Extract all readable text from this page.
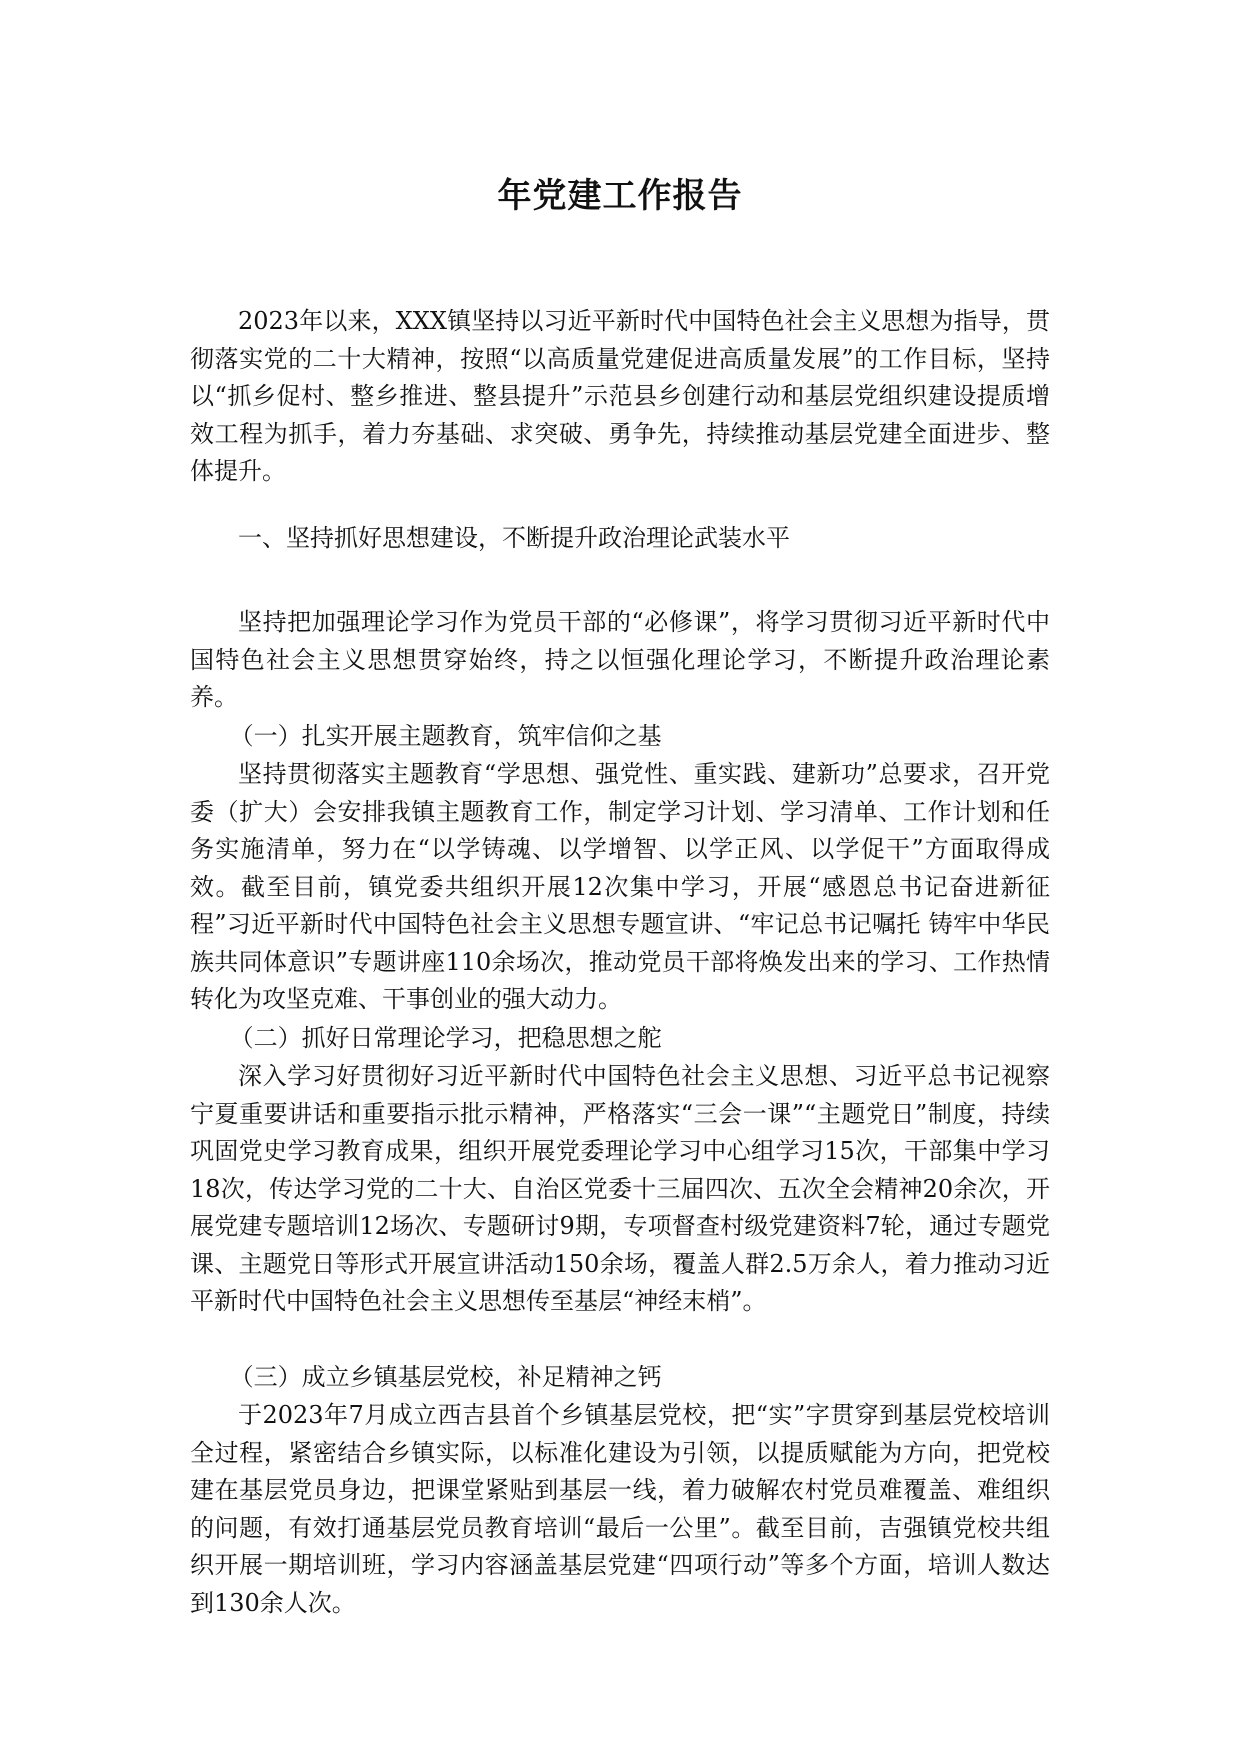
年党建工作报告

2023年以来，XXX镇坚持以习近平新时代中国特色社会主义思想为指导，贯彻落实党的二十大精神，按照“以高质量党建促进高质量发展”的工作目标，坚持以“抓乡促村、整乡推进、整县提升”示范县乡创建行动和基层党组织建设提质增效工程为抓手，着力夯基础、求突破、勇争先，持续推动基层党建全面进步、整体提升。

一、坚持抓好思想建设，不断提升政治理论武装水平

坚持把加强理论学习作为党员干部的“必修课”，将学习贯彻习近平新时代中国特色社会主义思想贯穿始终，持之以恒强化理论学习，不断提升政治理论素养。

（一）扎实开展主题教育，筑牢信仰之基

坚持贯彻落实主题教育“学思想、强党性、重实践、建新功”总要求，召开党委（扩大）会安排我镇主题教育工作，制定学习计划、学习清单、工作计划和任务实施清单，努力在“以学铸魂、以学增智、以学正风、以学促干”方面取得成效。截至目前，镇党委共组织开展12次集中学习，开展“感恩总书记奋进新征程”习近平新时代中国特色社会主义思想专题宣讲、“牢记总书记嘱托 铸牢中华民族共同体意识”专题讲座110余场次，推动党员干部将焕发出来的学习、工作热情转化为攻坚克难、干事创业的强大动力。

（二）抓好日常理论学习，把稳思想之舵

深入学习好贯彻好习近平新时代中国特色社会主义思想、习近平总书记视察宁夏重要讲话和重要指示批示精神，严格落实“三会一课”“主题党日”制度，持续巩固党史学习教育成果，组织开展党委理论学习中心组学习15次，干部集中学习18次，传达学习党的二十大、自治区党委十三届四次、五次全会精神20余次，开展党建专题培训12场次、专题研讨9期，专项督查村级党建资料7轮，通过专题党课、主题党日等形式开展宣讲活动150余场，覆盖人群2.5万余人，着力推动习近平新时代中国特色社会主义思想传至基层“神经末梢”。

（三）成立乡镇基层党校，补足精神之钙

于2023年7月成立西吉县首个乡镇基层党校，把“实”字贯穿到基层党校培训全过程，紧密结合乡镇实际，以标准化建设为引领，以提质赋能为方向，把党校建在基层党员身边，把课堂紧贴到基层一线，着力破解农村党员难覆盖、难组织的问题，有效打通基层党员教育培训“最后一公里”。截至目前，吉强镇党校共组织开展一期培训班，学习内容涵盖基层党建“四项行动”等多个方面，培训人数达到130余人次。
